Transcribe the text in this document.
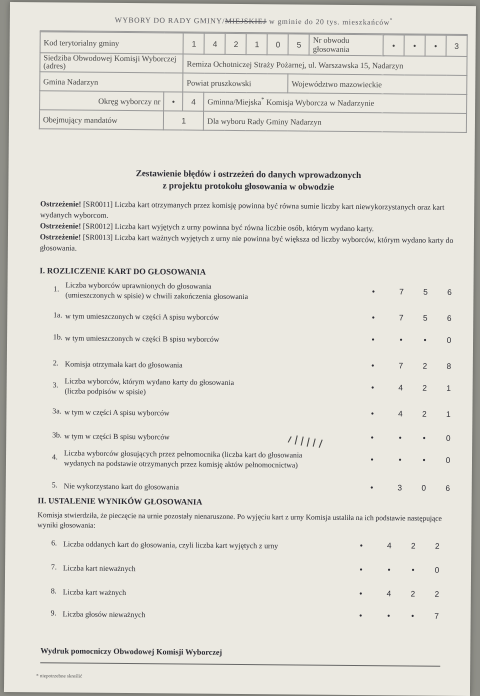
WYBORY DO RADY GMINY/MIEJSKIEJ w gminie do 20 tys. mieszkańców*
Kod terytorialny gminy		1	4	2	1	0	5	Nr obwodu głosowania	•	•	•	3
Siedziba Obwodowej Komisji Wyborczej (adres)		Remiza Ochotniczej Straży Pożarnej, ul. Warszawska 15, Nadarzyn										
Gmina Nadarzyn		Powiat pruszkowski					Województwo mazowieckie					
Okręg wyborczy nr	•	4	Gminna/Miejska* Komisja Wyborcza w Nadarzynie									
Obejmujący mandatów	1		Dla wyboru Rady Gminy Nadarzyn									
Zestawienie błędów i ostrzeżeń do danych wprowadzonych
z projektu protokołu głosowania w obwodzie

Ostrzeżenie! [SR0011] Liczba kart otrzymanych przez komisję powinna być równa sumie liczby kart niewykorzystanych oraz kart wydanych wyborcom.

Ostrzeżenie! [SR0012] Liczba kart wyjętych z urny powinna być równa liczbie osób, którym wydano karty.

Ostrzeżenie! [SR0013] Liczba kart ważnych wyjętych z urny nie powinna być większa od liczby wyborców, którym wydano karty do głosowania.

I. ROZLICZENIE KART DO GŁOSOWANIA
1. Liczba wyborców uprawnionych do głosowania
(umieszczonych w spisie) w chwili zakończenia głosowania	•	7	5	6
1a. w tym umieszczonych w części A spisu wyborców	•	7	5	6
1b. w tym umieszczonych w części B spisu wyborców	•	•	•	0
2. Komisja otrzymała kart do głosowania	•	7	2	8
3. Liczba wyborców, którym wydano karty do głosowania
(liczba podpisów w spisie)	•	4	2	1
3a. w tym w części A spisu wyborców	•	4	2	1
3b. w tym w części B spisu wyborców	•	•	•	0
4. Liczba wyborców głosujących przez pełnomocnika (liczba kart do głosowania
wydanych na podstawie otrzymanych przez komisję aktów pełnomocnictwa)	•	•	•	0
5. Nie wykorzystano kart do głosowania	•	3	0	6
II. USTALENIE WYNIKÓW GŁOSOWANIA
Komisja stwierdziła, że pieczęcie na urnie pozostały nienaruszone. Po wyjęciu kart z urny Komisja ustaliła na ich podstawie następujące wyniki głosowania:
6. Liczba oddanych kart do głosowania, czyli liczba kart wyjętych z urny	•	4	2	2
7. Liczba kart nieważnych	•	•	•	0
8. Liczba kart ważnych	•	4	2	2
9. Liczba głosów nieważnych	•	•	•	7
Wydruk pomocniczy Obwodowej Komisji Wyborczej
* niepotrzebne skreślić
